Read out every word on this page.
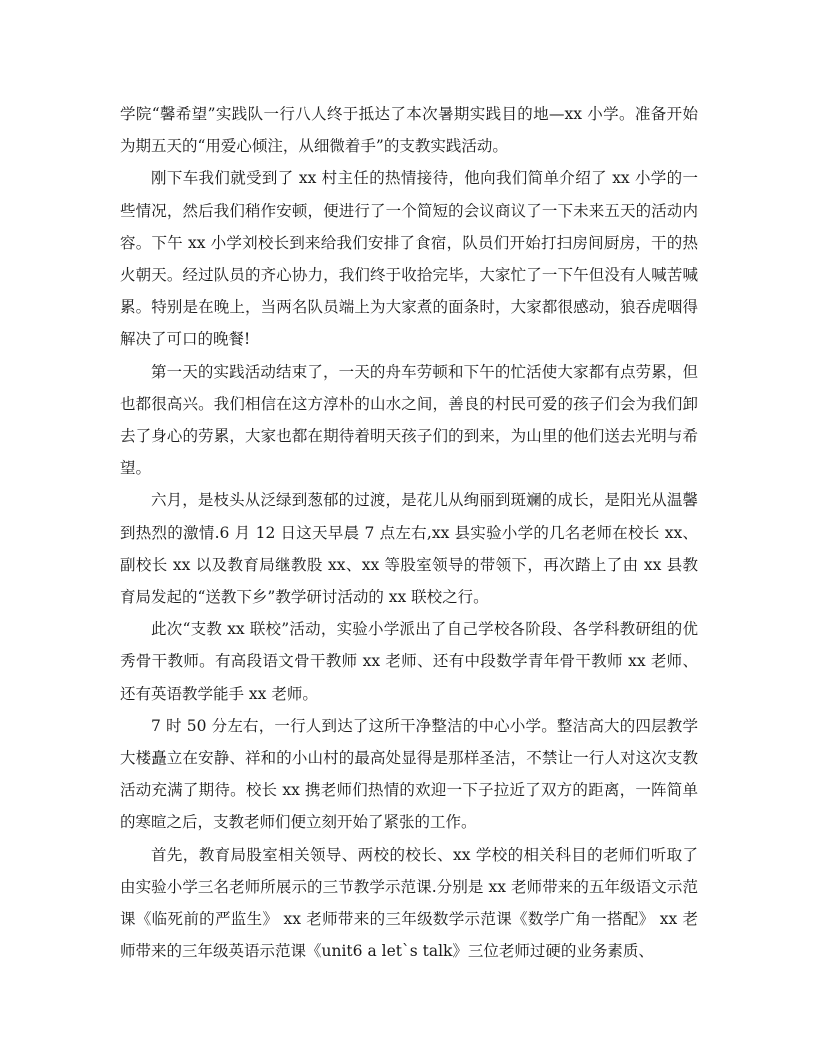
学院“馨希望”实践队一行八人终于抵达了本次暑期实践目的地—xx 小学。准备开始为期五天的“用爱心倾注，从细微着手”的支教实践活动。

刚下车我们就受到了 xx 村主任的热情接待，他向我们简单介绍了 xx 小学的一些情况，然后我们稍作安顿，便进行了一个简短的会议商议了一下未来五天的活动内容。下午 xx 小学刘校长到来给我们安排了食宿，队员们开始打扫房间厨房，干的热火朝天。经过队员的齐心协力，我们终于收拾完毕，大家忙了一下午但没有人喊苦喊累。特别是在晚上，当两名队员端上为大家煮的面条时，大家都很感动，狼吞虎咽得解决了可口的晚餐!

第一天的实践活动结束了，一天的舟车劳顿和下午的忙活使大家都有点劳累，但也都很高兴。我们相信在这方淳朴的山水之间，善良的村民可爱的孩子们会为我们卸去了身心的劳累，大家也都在期待着明天孩子们的到来，为山里的他们送去光明与希望。

六月，是枝头从泛绿到葱郁的过渡，是花儿从绚丽到斑斓的成长，是阳光从温馨到热烈的激情.6 月 12 日这天早晨 7 点左右,xx 县实验小学的几名老师在校长 xx、副校长 xx 以及教育局继教股 xx、xx 等股室领导的带领下，再次踏上了由 xx 县教育局发起的“送教下乡”教学研讨活动的 xx 联校之行。

此次“支教 xx 联校”活动，实验小学派出了自己学校各阶段、各学科教研组的优秀骨干教师。有高段语文骨干教师 xx 老师、还有中段数学青年骨干教师 xx 老师、还有英语教学能手 xx 老师。

7 时 50 分左右，一行人到达了这所干净整洁的中心小学。整洁高大的四层教学大楼矗立在安静、祥和的小山村的最高处显得是那样圣洁，不禁让一行人对这次支教活动充满了期待。校长 xx 携老师们热情的欢迎一下子拉近了双方的距离，一阵简单的寒暄之后，支教老师们便立刻开始了紧张的工作。

首先，教育局股室相关领导、两校的校长、xx 学校的相关科目的老师们听取了由实验小学三名老师所展示的三节教学示范课.分别是 xx 老师带来的五年级语文示范课《临死前的严监生》 xx 老师带来的三年级数学示范课《数学广角一搭配》 xx 老师带来的三年级英语示范课《unit6 a let`s talk》三位老师过硬的业务素质、
